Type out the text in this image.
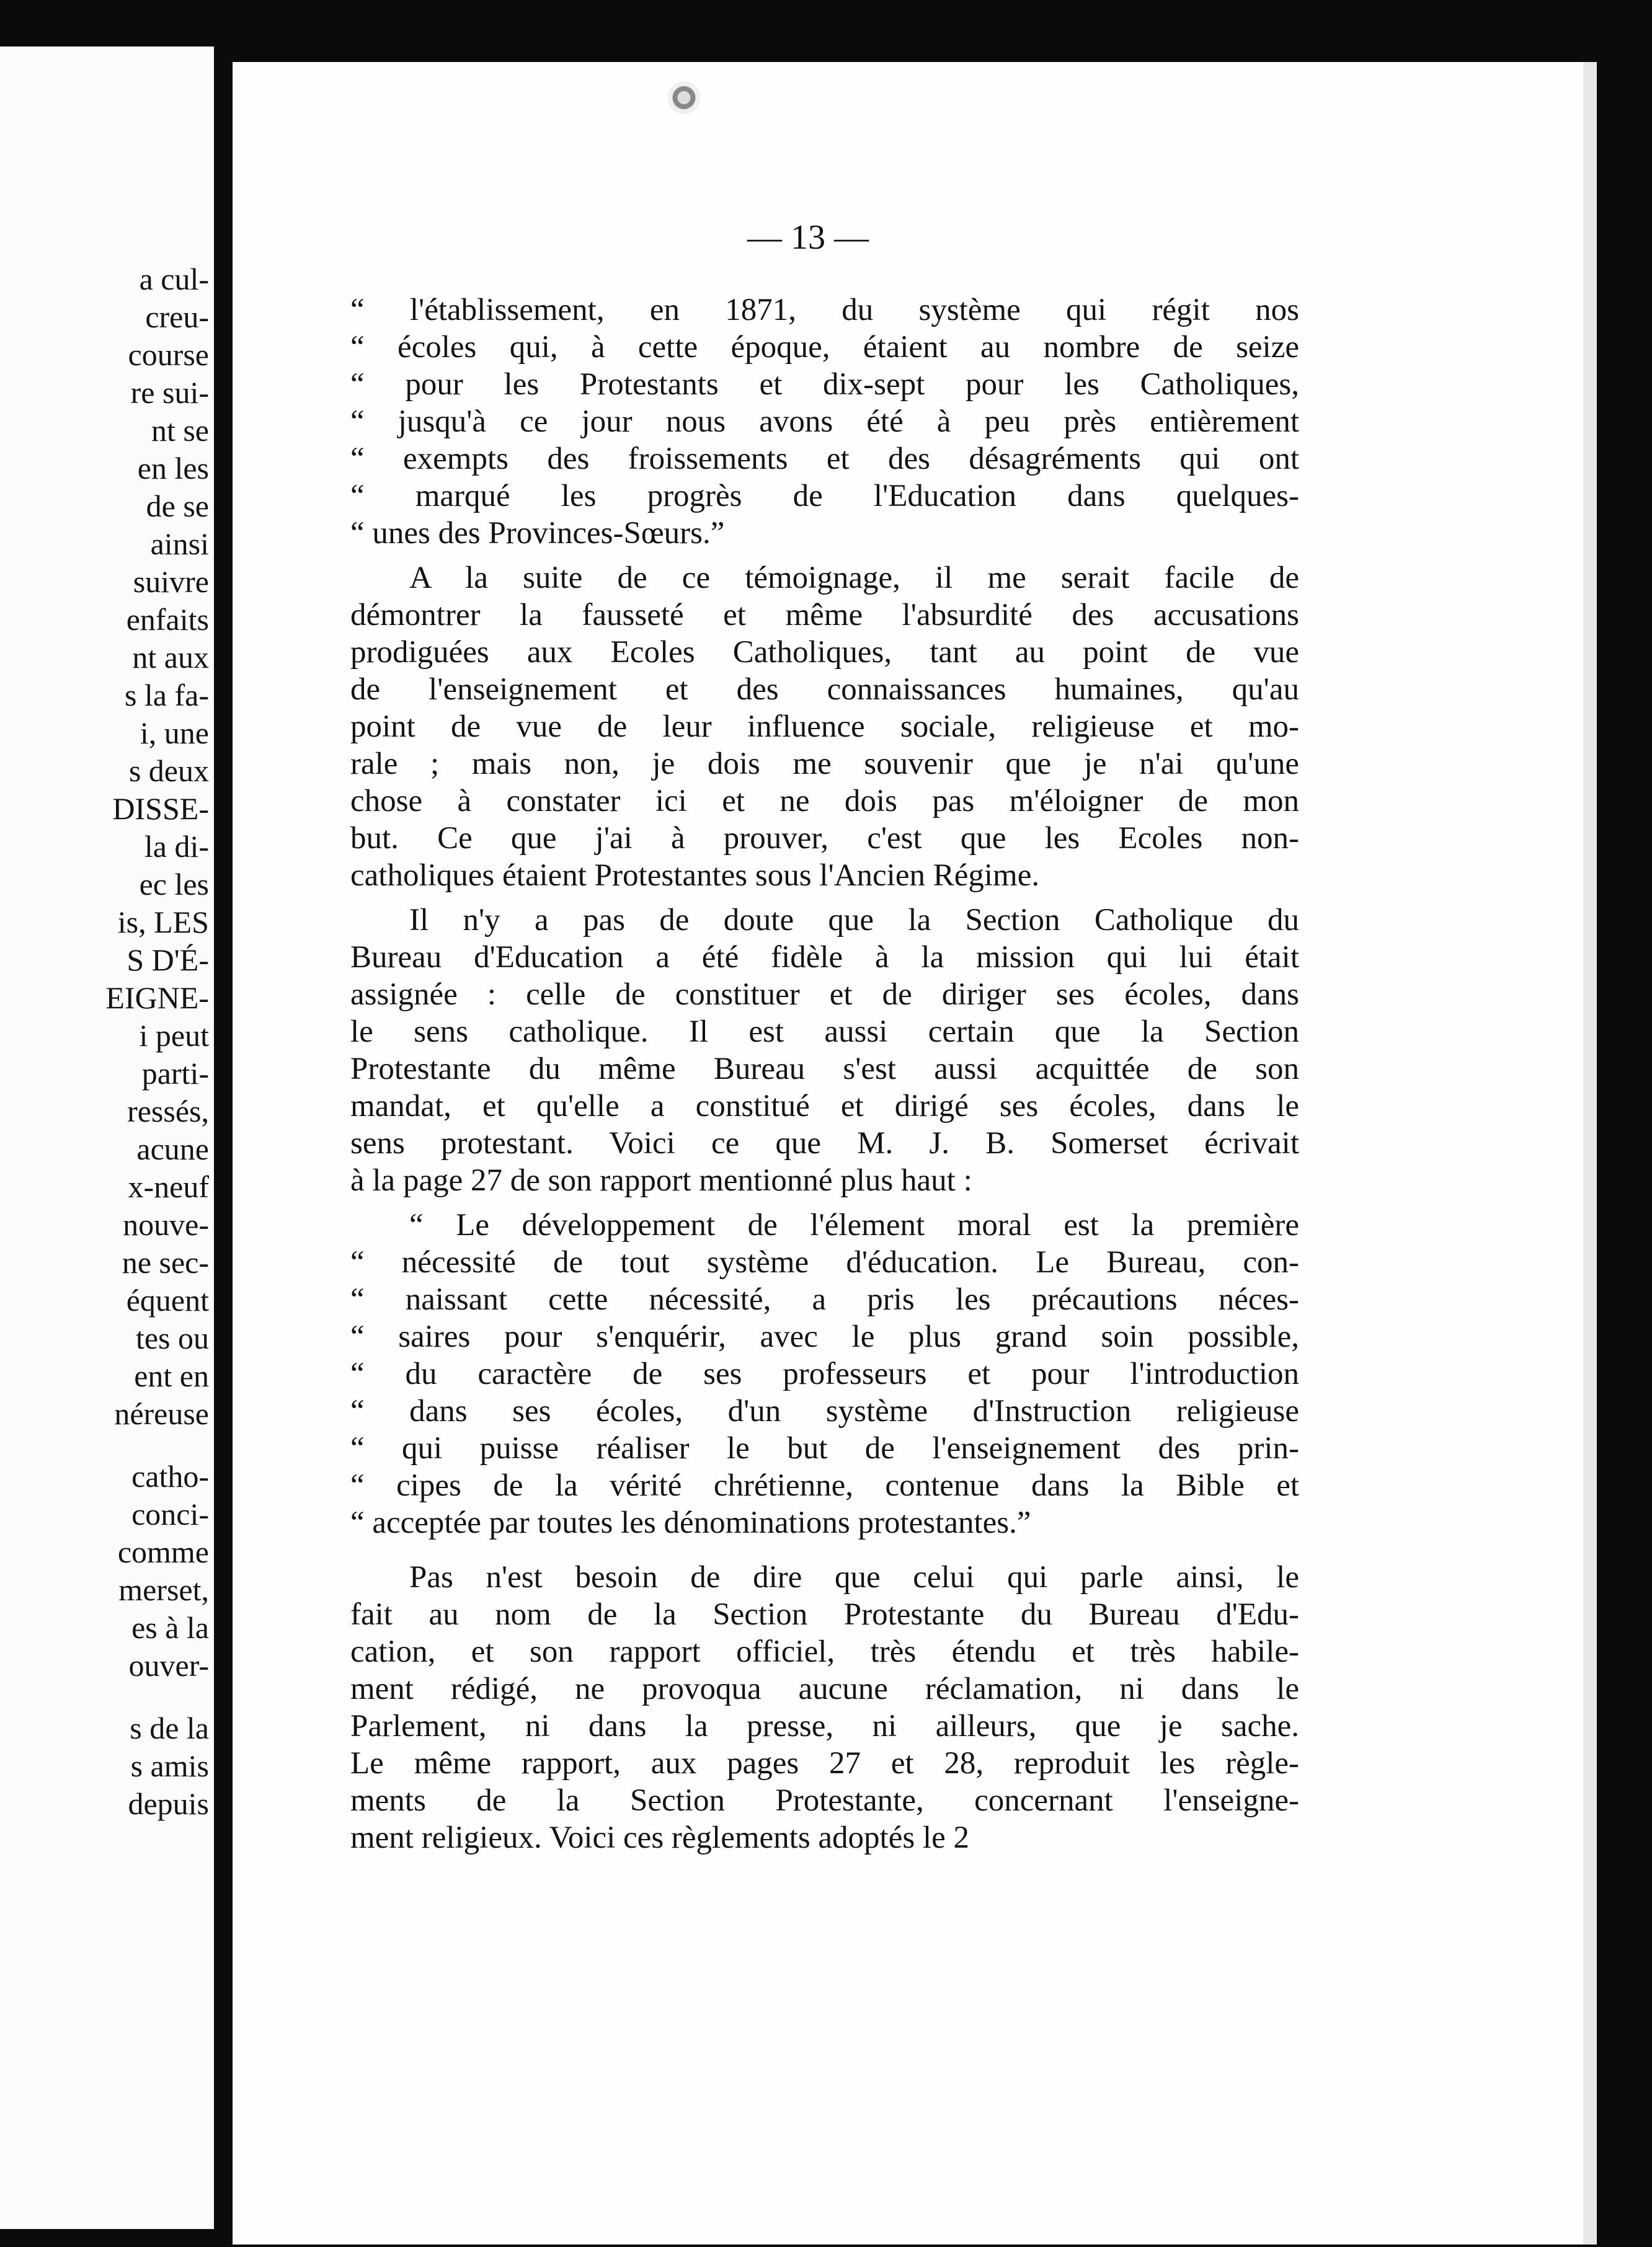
a cul-
creu-
course
re sui-
nt se
en les
de se
ainsi
suivre
enfaits
nt aux
s la fa-
i, une
s deux
DISSE-
la di-
ec les
is, LES
S D'É-
EIGNE-
i peut
parti-
ressés,
acune
x-neuf
nouve-
ne sec-
équent
tes ou
ent en
néreuse
catho-
conci-
comme
merset,
es à la
ouver-
s de la
s amis
depuis
— 13 —
“ l'établissement, en 1871, du système qui régit nos
“ écoles qui, à cette époque, étaient au nombre de seize
“ pour les Protestants et dix-sept pour les Catholiques,
“ jusqu'à ce jour nous avons été à peu près entièrement
“ exempts des froissements et des désagréments qui ont
“ marqué les progrès de l'Education dans quelques-
“ unes des Provinces-Sœurs.”
A la suite de ce témoignage, il me serait facile de
démontrer la fausseté et même l'absurdité des accusations
prodiguées aux Ecoles Catholiques, tant au point de vue
de l'enseignement et des connaissances humaines, qu'au
point de vue de leur influence sociale, religieuse et mo-
rale ; mais non, je dois me souvenir que je n'ai qu'une
chose à constater ici et ne dois pas m'éloigner de mon
but. Ce que j'ai à prouver, c'est que les Ecoles non-
catholiques étaient Protestantes sous l'Ancien Régime.
Il n'y a pas de doute que la Section Catholique du
Bureau d'Education a été fidèle à la mission qui lui était
assignée : celle de constituer et de diriger ses écoles, dans
le sens catholique. Il est aussi certain que la Section
Protestante du même Bureau s'est aussi acquittée de son
mandat, et qu'elle a constitué et dirigé ses écoles, dans le
sens protestant. Voici ce que M. J. B. Somerset écrivait
à la page 27 de son rapport mentionné plus haut :
“ Le développement de l'élement moral est la première
“ nécessité de tout système d'éducation. Le Bureau, con-
“ naissant cette nécessité, a pris les précautions néces-
“ saires pour s'enquérir, avec le plus grand soin possible,
“ du caractère de ses professeurs et pour l'introduction
“ dans ses écoles, d'un système d'Instruction religieuse
“ qui puisse réaliser le but de l'enseignement des prin-
“ cipes de la vérité chrétienne, contenue dans la Bible et
“ acceptée par toutes les dénominations protestantes.”
Pas n'est besoin de dire que celui qui parle ainsi, le
fait au nom de la Section Protestante du Bureau d'Edu-
cation, et son rapport officiel, très étendu et très habile-
ment rédigé, ne provoqua aucune réclamation, ni dans le
Parlement, ni dans la presse, ni ailleurs, que je sache.
Le même rapport, aux pages 27 et 28, reproduit les règle-
ments de la Section Protestante, concernant l'enseigne-
ment religieux. Voici ces règlements adoptés le 2
